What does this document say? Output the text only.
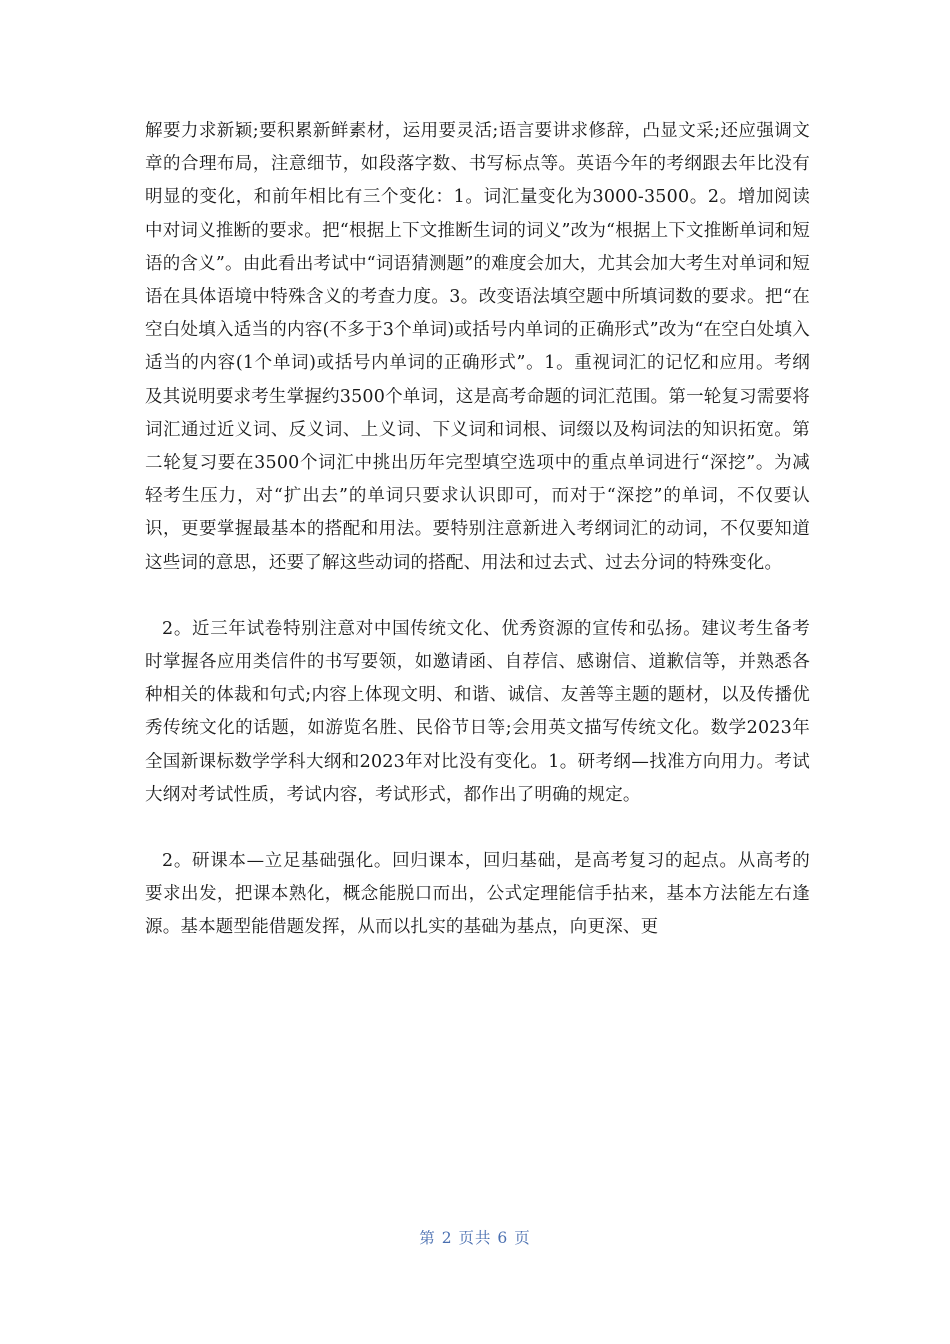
解要力求新颖;要积累新鲜素材，运用要灵活;语言要讲求修辞，凸显文采;还应强调文章的合理布局，注意细节，如段落字数、书写标点等。英语今年的考纲跟去年比没有明显的变化，和前年相比有三个变化：1。词汇量变化为3000-3500。2。增加阅读中对词义推断的要求。把“根据上下文推断生词的词义”改为“根据上下文推断单词和短语的含义”。由此看出考试中“词语猜测题”的难度会加大，尤其会加大考生对单词和短语在具体语境中特殊含义的考查力度。3。改变语法填空题中所填词数的要求。把“在空白处填入适当的内容(不多于3个单词)或括号内单词的正确形式”改为“在空白处填入适当的内容(1个单词)或括号内单词的正确形式”。1。重视词汇的记忆和应用。考纲及其说明要求考生掌握约3500个单词，这是高考命题的词汇范围。第一轮复习需要将词汇通过近义词、反义词、上义词、下义词和词根、词缀以及构词法的知识拓宽。第二轮复习要在3500个词汇中挑出历年完型填空选项中的重点单词进行“深挖”。为减轻考生压力，对“扩出去”的单词只要求认识即可，而对于“深挖”的单词，不仅要认识，更要掌握最基本的搭配和用法。要特别注意新进入考纲词汇的动词，不仅要知道这些词的意思，还要了解这些动词的搭配、用法和过去式、过去分词的特殊变化。

2。近三年试卷特别注意对中国传统文化、优秀资源的宣传和弘扬。建议考生备考时掌握各应用类信件的书写要领，如邀请函、自荐信、感谢信、道歉信等，并熟悉各种相关的体裁和句式;内容上体现文明、和谐、诚信、友善等主题的题材，以及传播优秀传统文化的话题，如游览名胜、民俗节日等;会用英文描写传统文化。数学2023年全国新课标数学学科大纲和2023年对比没有变化。1。研考纲—找准方向用力。考试大纲对考试性质，考试内容，考试形式，都作出了明确的规定。

2。研课本—立足基础强化。回归课本，回归基础，是高考复习的起点。从高考的要求出发，把课本熟化，概念能脱口而出，公式定理能信手拈来，基本方法能左右逢源。基本题型能借题发挥，从而以扎实的基础为基点，向更深、更

第 2 页共 6 页
